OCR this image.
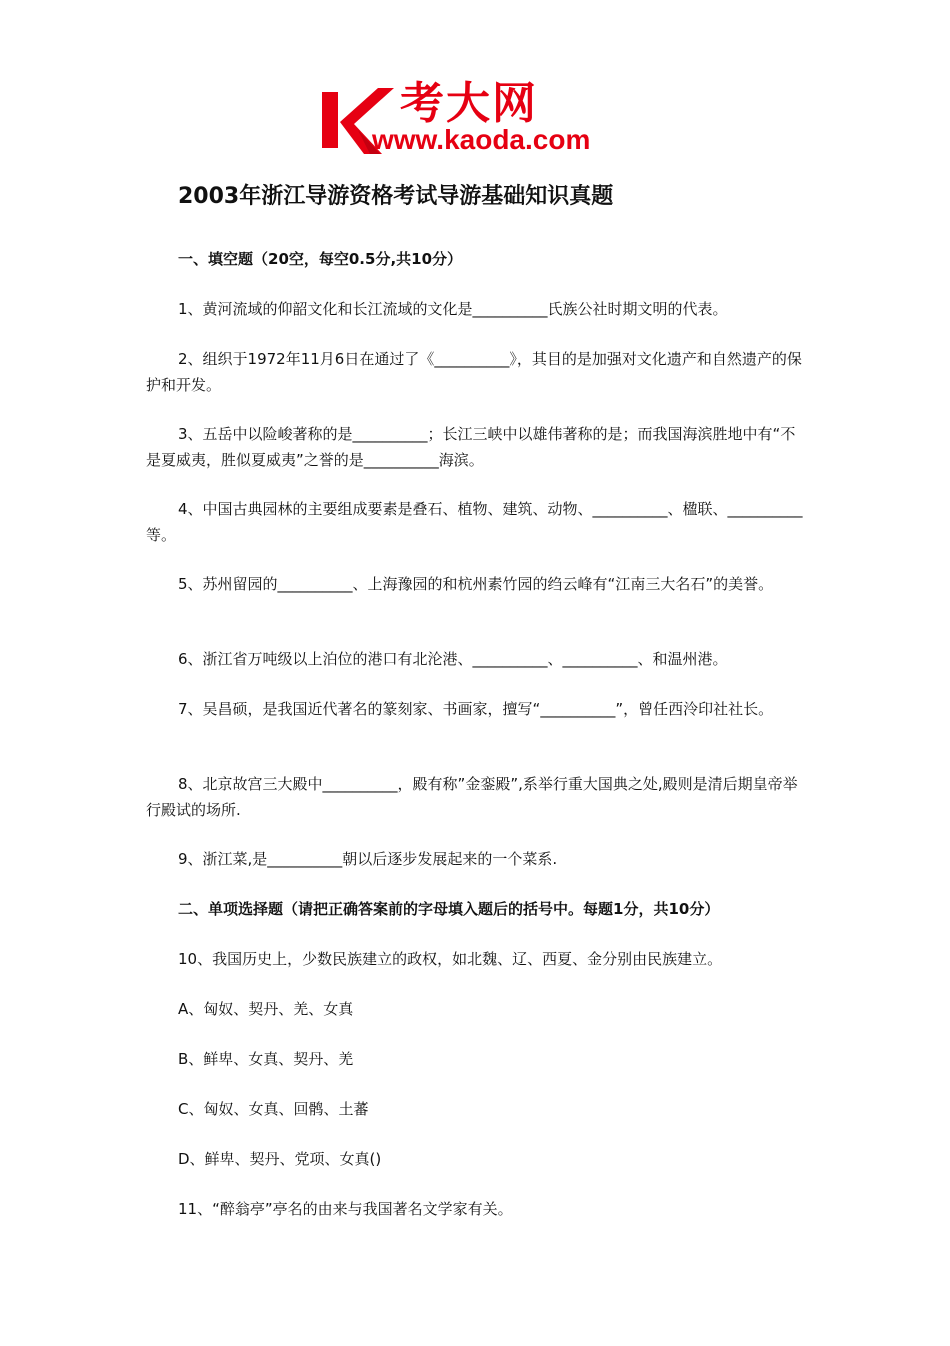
考大网
www.kaoda.com
2003年浙江导游资格考试导游基础知识真题

一、填空题（20空，每空0.5分,共10分）

1、黄河流域的仰韶文化和长江流域的文化是__________氏族公社时期文明的代表。

2、组织于1972年11月6日在通过了《__________》，其目的是加强对文化遗产和自然遗产的保护和开发。

3、五岳中以险峻著称的是__________；长江三峡中以雄伟著称的是；而我国海滨胜地中有“不是夏威夷，胜似夏威夷”之誉的是__________海滨。

4、中国古典园林的主要组成要素是叠石、植物、建筑、动物、__________、楹联、__________等。

5、苏州留园的__________、上海豫园的和杭州素竹园的绉云峰有“江南三大名石”的美誉。

6、浙江省万吨级以上泊位的港口有北沦港、__________、__________、和温州港。

7、吴昌硕，是我国近代著名的篆刻家、书画家，擅写“__________”，曾任西泠印社社长。

8、北京故宫三大殿中__________，殿有称”金銮殿”,系举行重大国典之处,殿则是清后期皇帝举行殿试的场所.

9、浙江菜,是__________朝以后逐步发展起来的一个菜系.

二、单项选择题（请把正确答案前的字母填入题后的括号中。每题1分，共10分）

10、我国历史上，少数民族建立的政权，如北魏、辽、西夏、金分别由民族建立。

A、匈奴、契丹、羌、女真

B、鲜卑、女真、契丹、羌

C、匈奴、女真、回鹘、土蕃

D、鲜卑、契丹、党项、女真()

11、“醉翁亭”亭名的由来与我国著名文学家有关。
